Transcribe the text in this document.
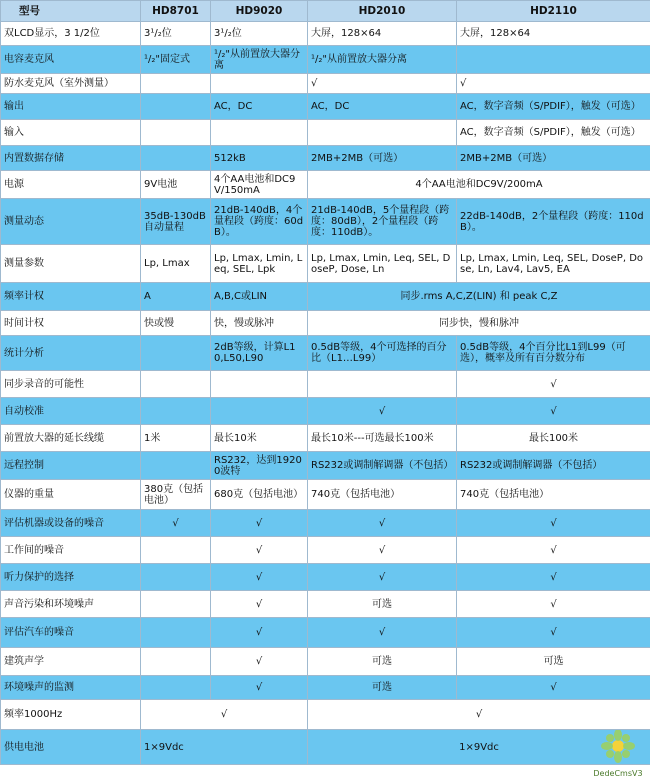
型号	HD8701	HD9020	HD2010	HD2110
双LCD显示，3 1/2位	3¹/₂位	3¹/₂位	大屏，128×64	大屏，128×64
电容麦克风	¹/₂"固定式	¹/₂"从前置放大器分离	¹/₂"从前置放大器分离	
防水麦克风（室外测量）			√	√
输出		AC，DC	AC，DC	AC，数字音频（S/PDIF），触发（可选）
输入				AC，数字音频（S/PDIF），触发（可选）
内置数据存储		512kB	2MB+2MB（可选）	2MB+2MB（可选）
电源	9V电池	4个AA电池和DC9V/150mA	4个AA电池和DC9V/200mA	
测量动态	35dB-130dB自动量程	21dB-140dB，4个量程段（跨度：60dB）。	21dB-140dB，5个量程段（跨度：80dB），2个量程段（跨度：110dB）。	22dB-140dB，2个量程段（跨度：110dB）。
测量参数	Lp, Lmax	Lp, Lmax, Lmin, Leq, SEL, Lpk	Lp, Lmax, Lmin, Leq, SEL, DoseP, Dose, Ln	Lp, Lmax, Lmin, Leq, SEL, DoseP, Dose, Ln, Lav4, Lav5, EA
频率计权	A	A,B,C或LIN	同步.rms A,C,Z(LIN) 和 peak C,Z	
时间计权	快或慢	快，慢或脉冲	同步快，慢和脉冲	
统计分析		2dB等级，计算L10,L50,L90	0.5dB等级，4个可选择的百分比（L1…L99）	0.5dB等级，4个百分比L1到L99（可选），概率及所有百分数分布
同步录音的可能性				√
自动校准			√	√
前置放大器的延长线缆	1米	最长10米	最长10米---可选最长100米	最长100米
远程控制		RS232，达到19200波特	RS232或调制解调器（不包括）	RS232或调制解调器（不包括）
仪器的重量	380克（包括电池）	680克（包括电池）	740克（包括电池）	740克（包括电池）
评估机器或设备的噪音	√	√	√	√
工作间的噪音		√	√	√
听力保护的选择		√	√	√
声音污染和环境噪声		√	可选	√
评估汽车的噪音		√	√	√
建筑声学		√	可选	可选
环境噪声的监测		√	可选	√
频率1000Hz	√		√	
供电电池	1×9Vdc		1×9Vdc	
DedeCmsV3
